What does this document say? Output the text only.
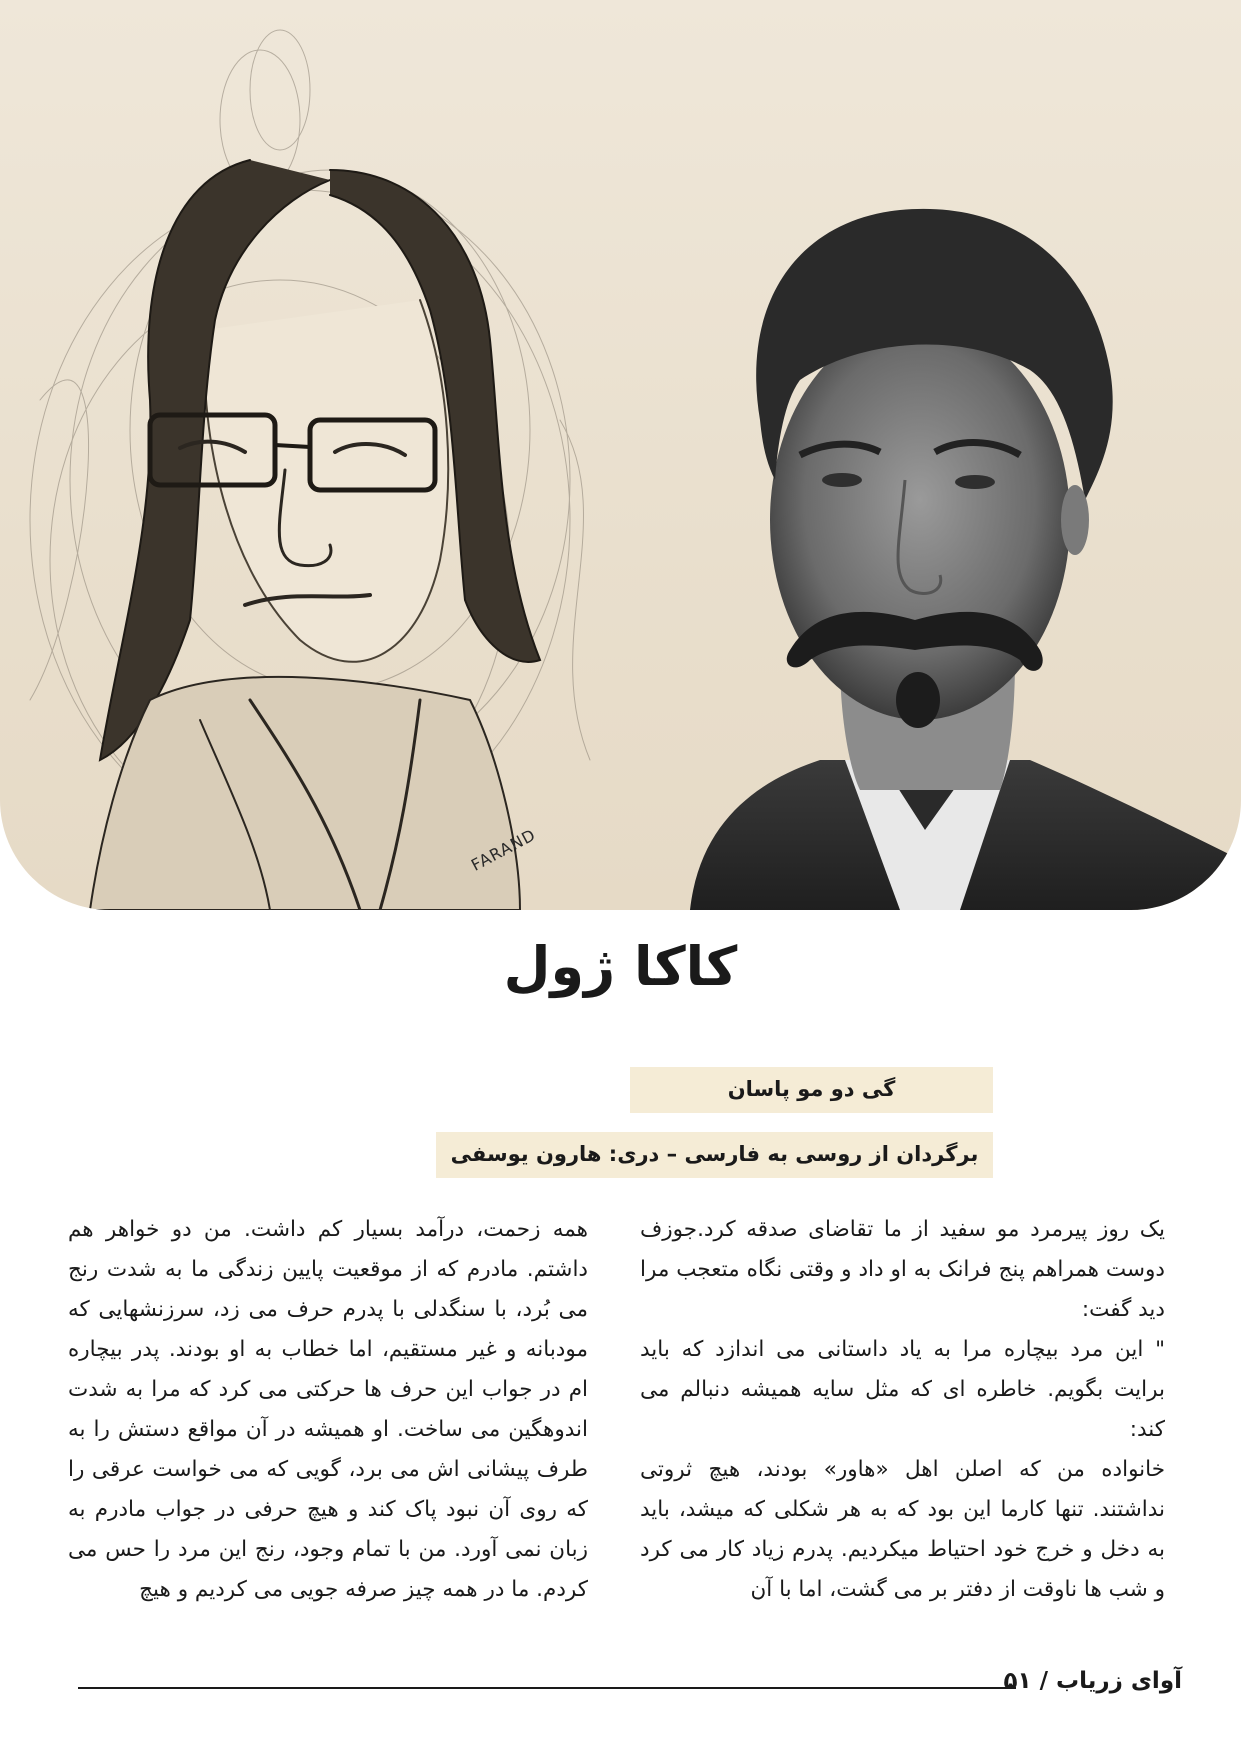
FARAND
کاکا ژول
گی دو مو پاسان
برگردان از روسی به فارسی – دری: هارون یوسفی

یک روز پیرمرد مو سفید از ما تقاضای صدقه کرد.جوزف دوست همراهم پنج فرانک به او داد و وقتی نگاه متعجب مرا دید گفت:

" این مرد بیچاره مرا به یاد داستانی می اندازد که باید برایت بگویم. خاطره ای که مثل سایه همیشه دنبالم می کند:

خانواده من که اصلن اهل «هاور» بودند، هیچ ثروتی نداشتند. تنها کارما این بود که به هر شکلی که میشد، باید به دخل و خرج خود احتیاط میکردیم. پدرم زیاد کار می کرد و شب ها ناوقت از دفتر بر می گشت، اما با آن

همه زحمت، درآمد بسیار کم داشت. من دو خواهر هم داشتم. مادرم که از موقعیت پایین زندگی ما به شدت رنج می بُرد، با سنگدلی با پدرم حرف می زد، سرزنشهایی که مودبانه و غیر مستقیم، اما خطاب به او بودند. پدر بیچاره ام در جواب این حرف ها حرکتی می کرد که مرا به شدت اندوهگین می ساخت. او همیشه در آن مواقع دستش را به طرف پیشانی اش می برد، گویی که می خواست عرقی را که روی آن نبود پاک کند و هیچ حرفی در جواب مادرم به زبان نمی آورد. من با تمام وجود، رنج این مرد را حس می کردم. ما در همه چیز صرفه جویی می کردیم و هیچ

آوای زریاب / ۵۱
